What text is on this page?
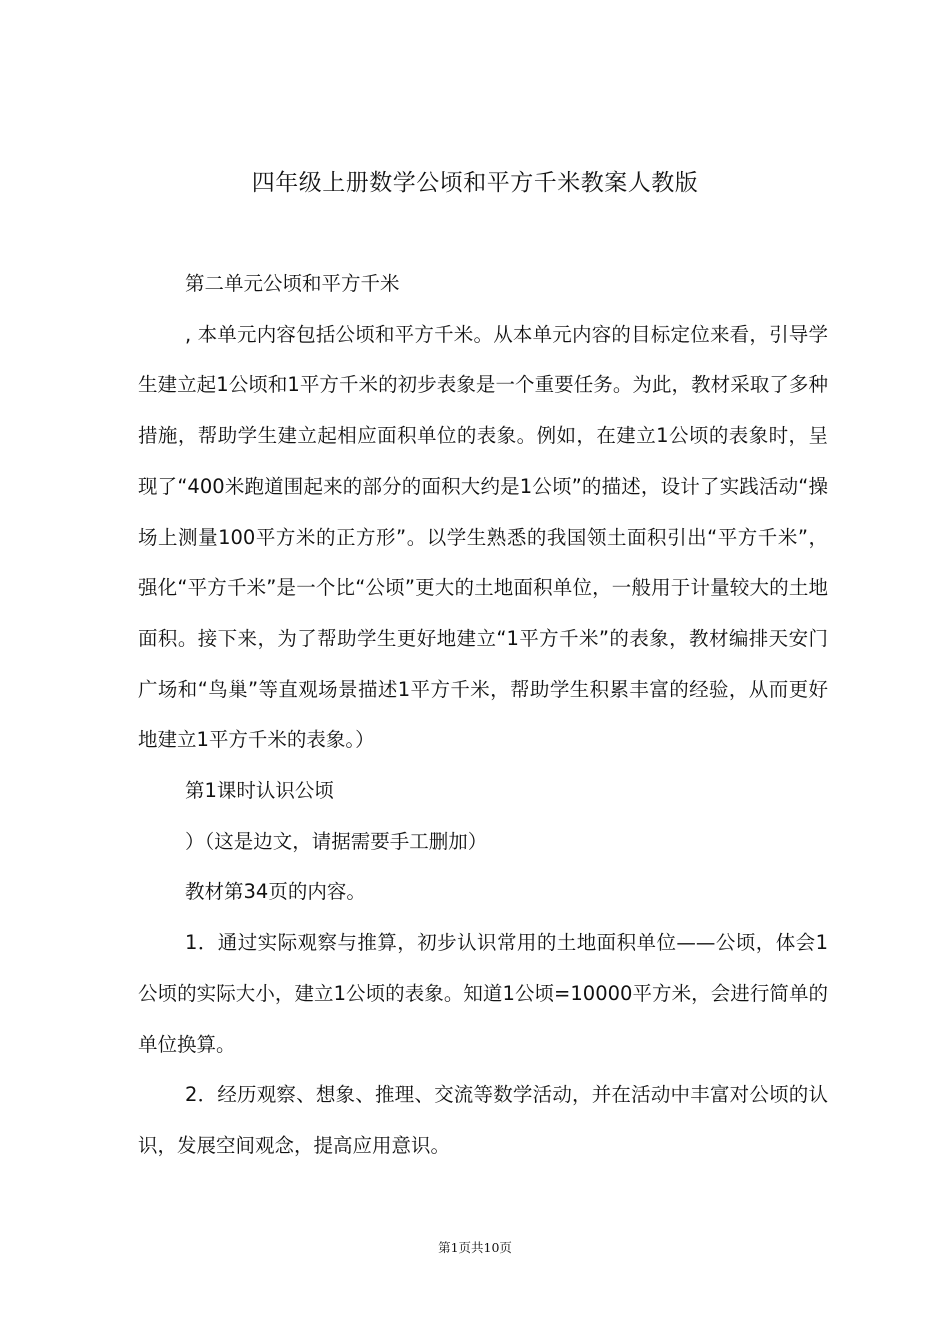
四年级上册数学公顷和平方千米教案人教版

第二单元公顷和平方千米

, 本单元内容包括公顷和平方千米。从本单元内容的目标定位来看，引导学生建立起1公顷和1平方千米的初步表象是一个重要任务。为此，教材采取了多种措施，帮助学生建立起相应面积单位的表象。例如，在建立1公顷的表象时，呈现了“400米跑道围起来的部分的面积大约是1公顷”的描述，设计了实践活动“操场上测量100平方米的正方形”。以学生熟悉的我国领土面积引出“平方千米”，强化“平方千米”是一个比“公顷”更大的土地面积单位，一般用于计量较大的土地面积。接下来，为了帮助学生更好地建立“1平方千米”的表象，教材编排天安门广场和“鸟巢”等直观场景描述1平方千米，帮助学生积累丰富的经验，从而更好地建立1平方千米的表象。）

第1课时认识公顷

）（这是边文，请据需要手工删加）

教材第34页的内容。

1．通过实际观察与推算，初步认识常用的土地面积单位——公顷，体会1公顷的实际大小，建立1公顷的表象。知道1公顷=10000平方米，会进行简单的单位换算。

2．经历观察、想象、推理、交流等数学活动，并在活动中丰富对公顷的认识，发展空间观念，提高应用意识。

第1页共10页
